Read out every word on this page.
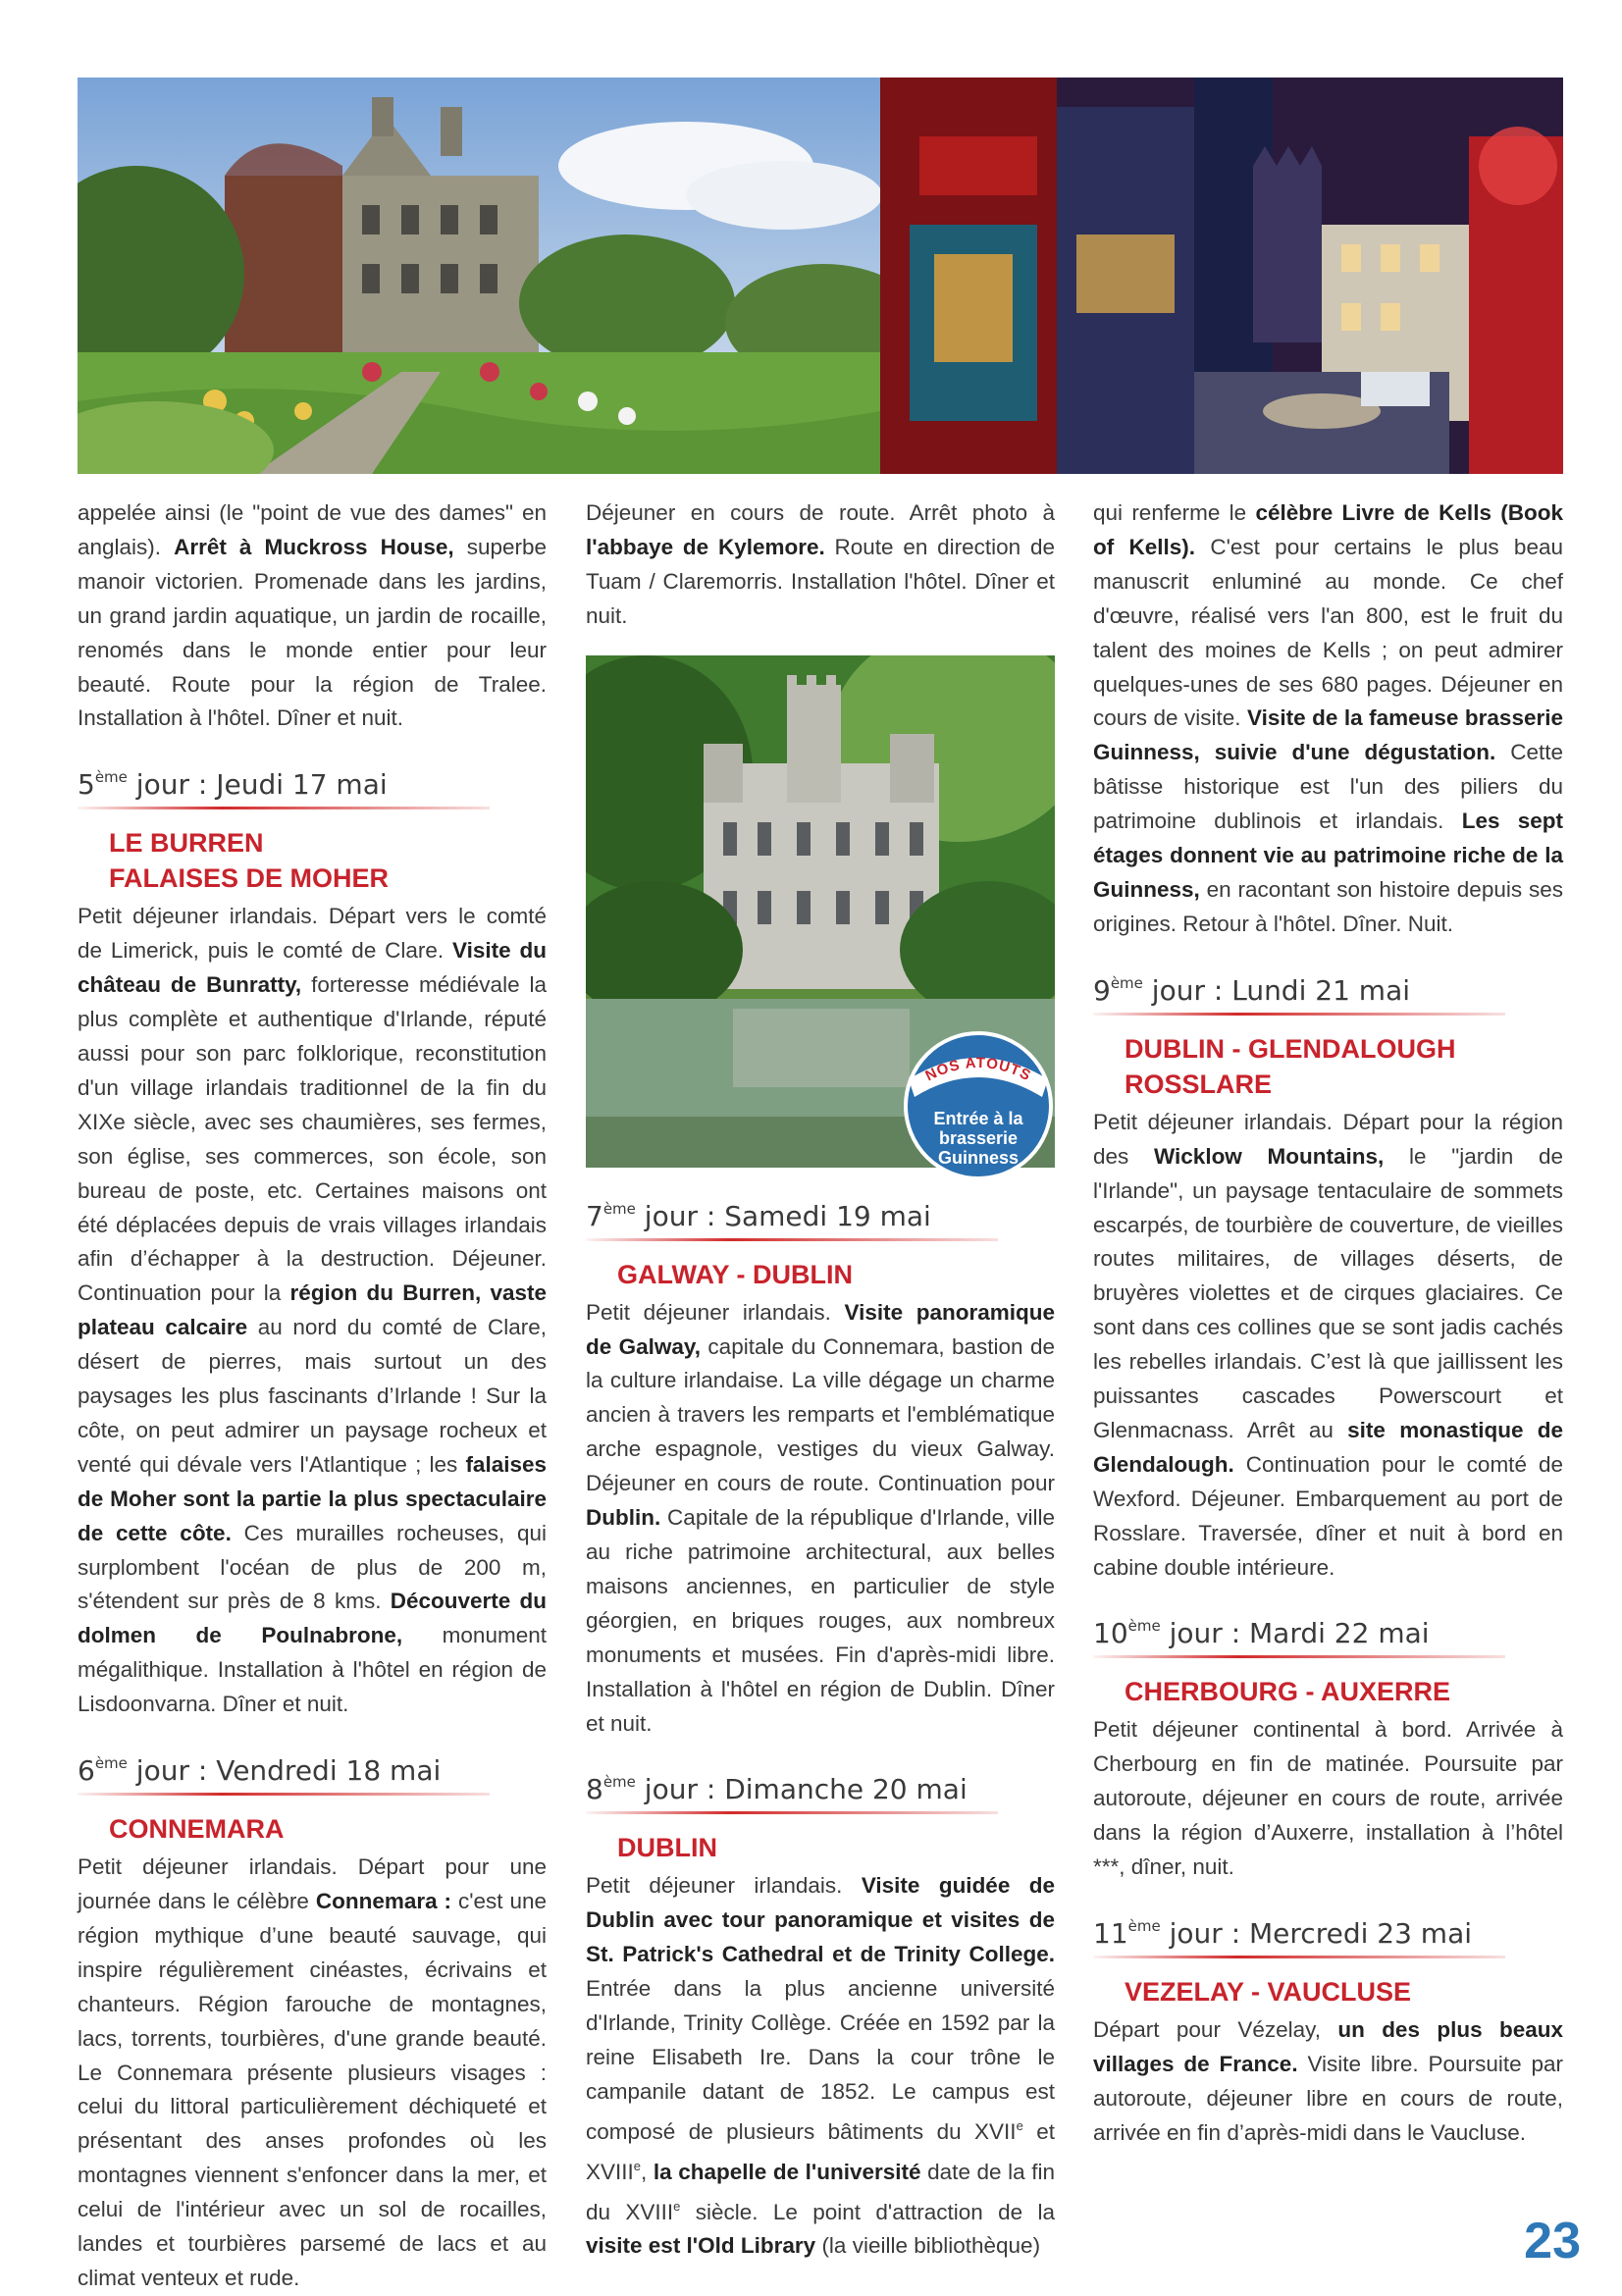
appelée ainsi (le "point de vue des dames" en anglais). Arrêt à Muckross House, superbe manoir victorien. Promenade dans les jardins, un grand jardin aquatique, un jardin de rocaille, renomés dans le monde entier pour leur beauté. Route pour la région de Tralee. Installation à l'hôtel. Dîner et nuit.

5ème jour : Jeudi 17 mai
LE BURREN
FALAISES DE MOHER

Petit déjeuner irlandais. Départ vers le comté de Limerick, puis le comté de Clare. Visite du château de Bunratty, forteresse médiévale la plus complète et authentique d'Irlande, réputé aussi pour son parc folklorique, reconstitution d'un village irlandais traditionnel de la fin du XIXe siècle, avec ses chaumières, ses fermes, son église, ses commerces, son école, son bureau de poste, etc. Certaines maisons ont été déplacées depuis de vrais villages irlandais afin d’échapper à la destruction. Déjeuner. Continuation pour la région du Burren, vaste plateau calcaire au nord du comté de Clare, désert de pierres, mais surtout un des paysages les plus fascinants d’Irlande ! Sur la côte, on peut admirer un paysage rocheux et venté qui dévale vers l'Atlantique ; les falaises de Moher sont la partie la plus spectaculaire de cette côte. Ces murailles rocheuses, qui surplombent l'océan de plus de 200 m, s'étendent sur près de 8 kms. Découverte du dolmen de Poulnabrone, monument mégalithique. Installation à l'hôtel en région de Lisdoonvarna. Dîner et nuit.

6ème jour : Vendredi 18 mai
CONNEMARA

Petit déjeuner irlandais. Départ pour une journée dans le célèbre Connemara : c'est une région mythique d’une beauté sauvage, qui inspire régulièrement cinéastes, écrivains et chanteurs. Région farouche de montagnes, lacs, torrents, tourbières, d'une grande beauté. Le Connemara présente plusieurs visages : celui du littoral particulièrement déchiqueté et présentant des anses profondes où les montagnes viennent s'enfoncer dans la mer, et celui de l'intérieur avec un sol de rocailles, landes et tourbières parsemé de lacs et au climat venteux et rude.

Déjeuner en cours de route. Arrêt photo à l'abbaye de Kylemore. Route en direction de Tuam / Claremorris. Installation l'hôtel. Dîner et nuit.

7ème jour : Samedi 19 mai
GALWAY - DUBLIN

Petit déjeuner irlandais. Visite panoramique de Galway, capitale du Connemara, bastion de la culture irlandaise. La ville dégage un charme ancien à travers les remparts et l'emblématique arche espagnole, vestiges du vieux Galway. Déjeuner en cours de route. Continuation pour Dublin. Capitale de la république d'Irlande, ville au riche patrimoine architectural, aux belles maisons anciennes, en particulier de style géorgien, en briques rouges, aux nombreux monuments et musées. Fin d'après-midi libre. Installation à l'hôtel en région de Dublin. Dîner et nuit.

8ème jour : Dimanche 20 mai
DUBLIN

Petit déjeuner irlandais. Visite guidée de Dublin avec tour panoramique et visites de St. Patrick's Cathedral et de Trinity College. Entrée dans la plus ancienne université d'Irlande, Trinity Collège. Créée en 1592 par la reine Elisabeth Ire. Dans la cour trône le campanile datant de 1852. Le campus est composé de plusieurs bâtiments du XVIIe et XVIIIe, la chapelle de l'université date de la fin du XVIIIe siècle. Le point d'attraction de la visite est l'Old Library (la vieille bibliothèque)

NOS ATOUTS
Entrée à la
brasserie
Guinness

qui renferme le célèbre Livre de Kells (Book of Kells). C'est pour certains le plus beau manuscrit enluminé au monde. Ce chef d'œuvre, réalisé vers l'an 800, est le fruit du talent des moines de Kells ; on peut admirer quelques-unes de ses 680 pages. Déjeuner en cours de visite. Visite de la fameuse brasserie Guinness, suivie d'une dégustation. Cette bâtisse historique est l'un des piliers du patrimoine dublinois et irlandais. Les sept étages donnent vie au patrimoine riche de la Guinness, en racontant son histoire depuis ses origines. Retour à l'hôtel. Dîner. Nuit.

9ème jour : Lundi 21 mai
DUBLIN - GLENDALOUGH
ROSSLARE

Petit déjeuner irlandais. Départ pour la région des Wicklow Mountains, le "jardin de l'Irlande", un paysage tentaculaire de sommets escarpés, de tourbière de couverture, de vieilles routes militaires, de villages déserts, de bruyères violettes et de cirques glaciaires. Ce sont dans ces collines que se sont jadis cachés les rebelles irlandais. C’est là que jaillissent les puissantes cascades Powerscourt et Glenmacnass. Arrêt au site monastique de Glendalough. Continuation pour le comté de Wexford. Déjeuner. Embarquement au port de Rosslare. Traversée, dîner et nuit à bord en cabine double intérieure.

10ème jour : Mardi 22 mai
CHERBOURG - AUXERRE

Petit déjeuner continental à bord. Arrivée à Cherbourg en fin de matinée. Poursuite par autoroute, déjeuner en cours de route, arrivée dans la région d’Auxerre, installation à l’hôtel ***, dîner, nuit.

11ème jour : Mercredi 23 mai
VEZELAY - VAUCLUSE

Départ pour Vézelay, un des plus beaux villages de France. Visite libre. Poursuite par autoroute, déjeuner libre en cours de route, arrivée en fin d’après-midi dans le Vaucluse.

23
